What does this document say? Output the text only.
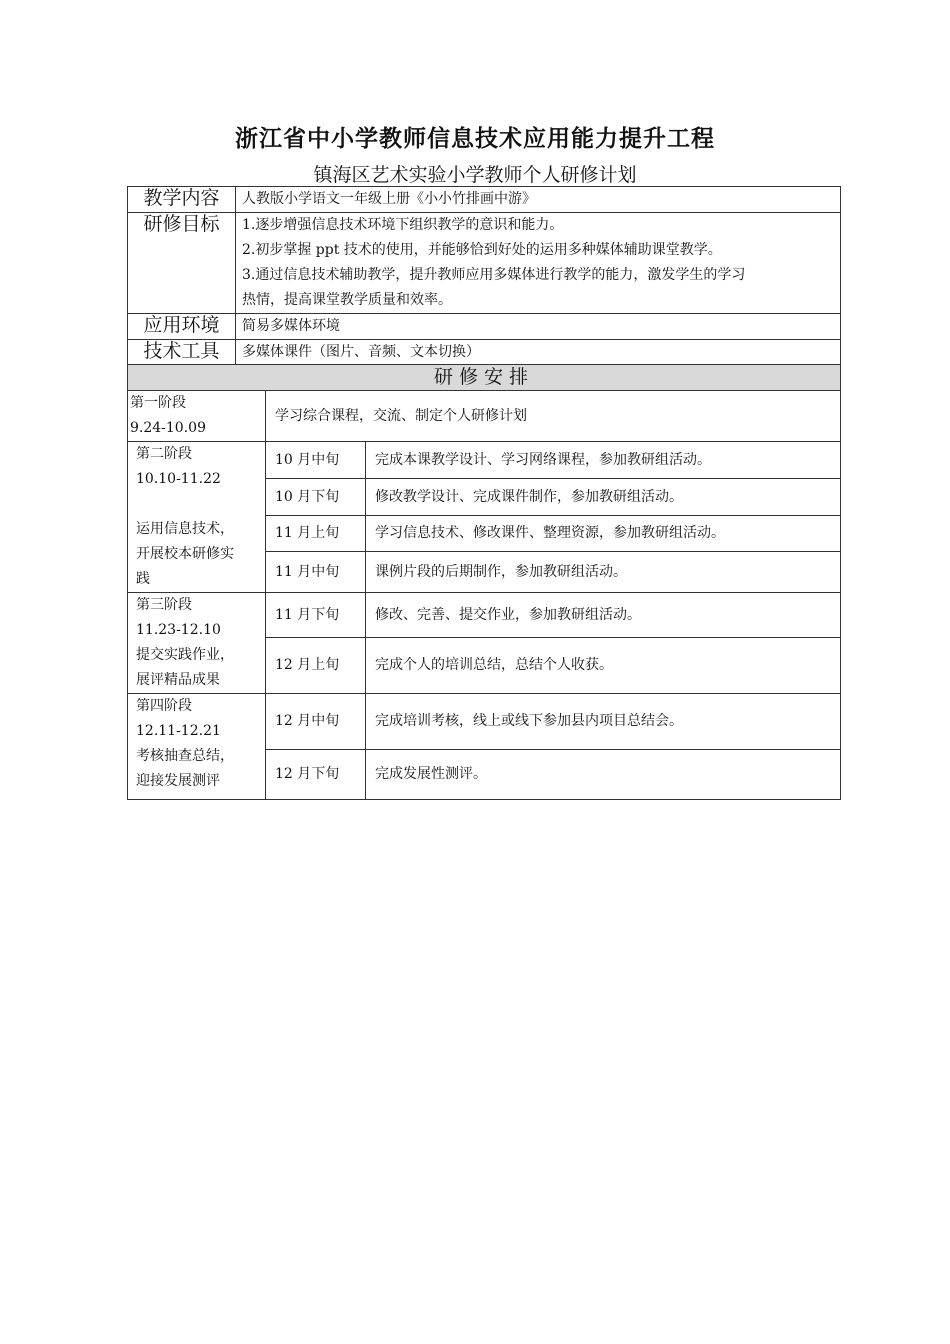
浙江省中小学教师信息技术应用能力提升工程
镇海区艺术实验小学教师个人研修计划
教学内容	人教版小学语文一年级上册《小小竹排画中游》
研修目标	1.逐步增强信息技术环境下组织教学的意识和能力。
2.初步掌握 ppt 技术的使用，并能够恰到好处的运用多种媒体辅助课堂教学。
3.通过信息技术辅助教学，提升教师应用多媒体进行教学的能力，激发学生的学习
热情，提高课堂教学质量和效率。

应用环境	简易多媒体环境
技术工具	多媒体课件（图片、音频、文本切换）
研修安排		

第一阶段
9.24-10.09	学习综合课程，交流、制定个人研修计划	

第二阶段
10.10-11.22
运用信息技术，
开展校本研修实
践	10 月中旬	完成本课教学设计、学习网络课程，参加教研组活动。
	10 月下旬	修改教学设计、完成课件制作，参加教研组活动。
	11 月上旬	学习信息技术、修改课件、整理资源，参加教研组活动。
	11 月中旬	课例片段的后期制作，参加教研组活动。

第三阶段
11.23-12.10
提交实践作业，
展评精品成果	11 月下旬	修改、完善、提交作业，参加教研组活动。
	12 月上旬	完成个人的培训总结，总结个人收获。

第四阶段
12.11-12.21
考核抽查总结，
迎接发展测评	12 月中旬	完成培训考核，线上或线下参加县内项目总结会。
	12 月下旬	完成发展性测评。
